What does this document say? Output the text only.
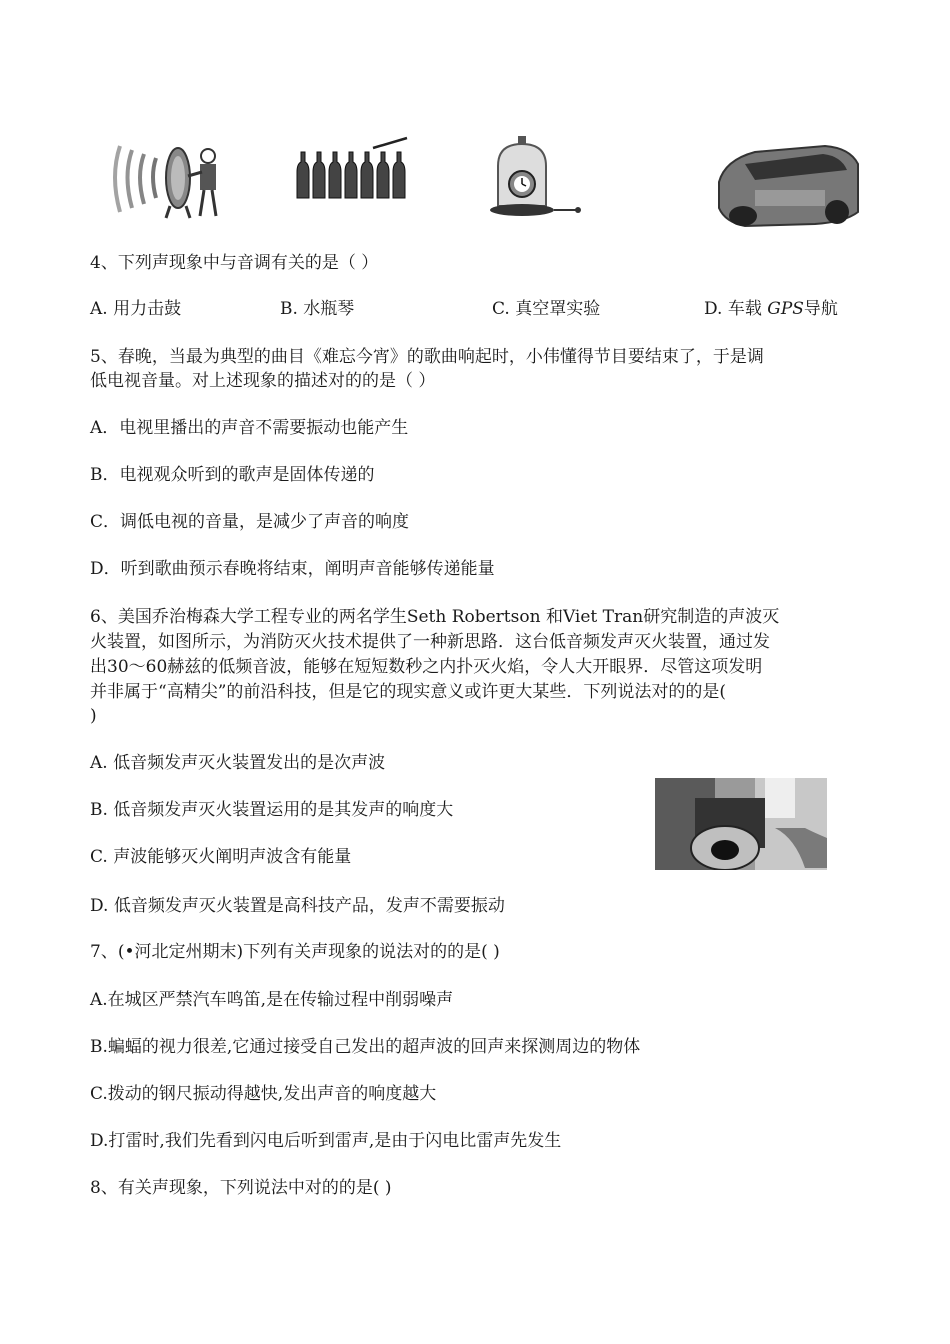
4、下列声现象中与音调有关的是（ ）
A. 用力击鼓	B. 水瓶琴	C. 真空罩实验	D. 车载 GPS导航
5、春晚，当最为典型的曲目《难忘今宵》的歌曲响起时，小伟懂得节目要结束了，于是调
低电视音量。对上述现象的描述对的的是（ ）
A．电视里播出的声音不需要振动也能产生
B．电视观众听到的歌声是固体传递的
C．调低电视的音量，是减少了声音的响度
D．听到歌曲预示春晚将结束，阐明声音能够传递能量
6、美国乔治梅森大学工程专业的两名学生Seth Robertson 和Viet Tran研究制造的声波灭
火装置，如图所示，为消防灭火技术提供了一种新思路．这台低音频发声灭火装置，通过发
出30～60赫兹的低频音波，能够在短短数秒之内扑灭火焰，令人大开眼界．尽管这项发明
并非属于“高精尖”的前沿科技，但是它的现实意义或许更大某些．下列说法对的的是(
)
A. 低音频发声灭火装置发出的是次声波
B. 低音频发声灭火装置运用的是其发声的响度大
C. 声波能够灭火阐明声波含有能量
D. 低音频发声灭火装置是高科技产品，发声不需要振动
7、(•河北定州期末)下列有关声现象的说法对的的是( )
A.在城区严禁汽车鸣笛,是在传输过程中削弱噪声
B.蝙蝠的视力很差,它通过接受自己发出的超声波的回声来探测周边的物体
C.拨动的钢尺振动得越快,发出声音的响度越大
D.打雷时,我们先看到闪电后听到雷声,是由于闪电比雷声先发生
8、有关声现象，下列说法中对的的是( )
